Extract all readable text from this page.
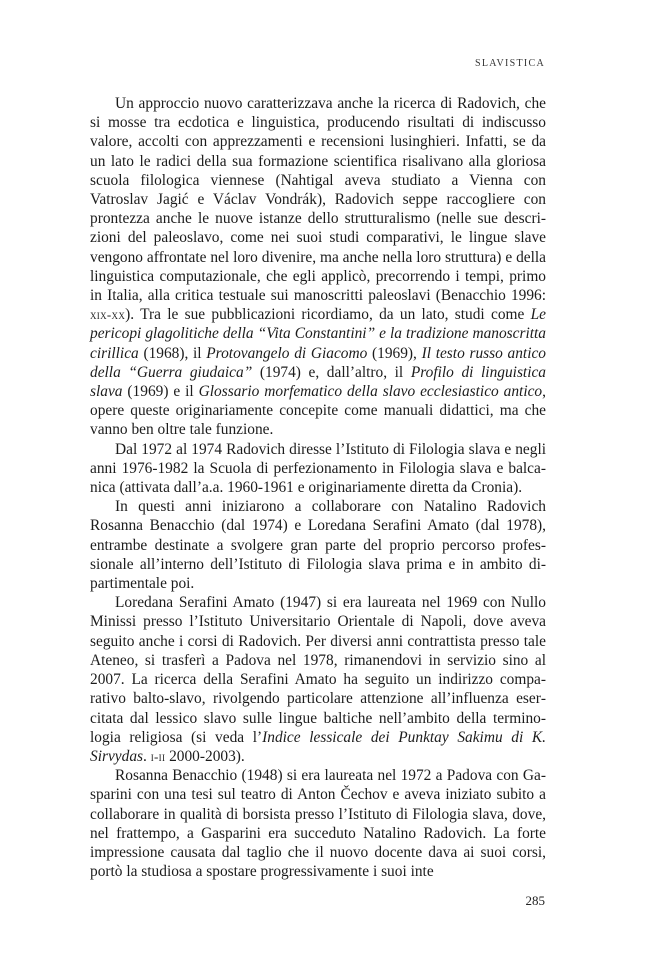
SLAVISTICA

Un approccio nuovo caratterizzava anche la ricerca di Radovich, che si mosse tra ecdotica e linguistica, producendo risultati di indiscusso valore, accolti con apprezzamenti e recensioni lusinghieri. Infatti, se da un lato le radici della sua formazione scientifica risalivano alla gloriosa scuola filologica viennese (Nahtigal aveva studiato a Vienna con Vatroslav Jagić e Václav Vondrák), Radovich seppe raccogliere con prontezza anche le nuove istanze dello strutturalismo (nelle sue descrizioni del paleoslavo, come nei suoi studi comparativi, le lingue slave vengono affrontate nel loro divenire, ma anche nella loro struttura) e della linguistica computazionale, che egli applicò, precorrendo i tempi, primo in Italia, alla critica testuale sui manoscritti paleoslavi (Benacchio 1996: xix-xx). Tra le sue pubblicazioni ricordiamo, da un lato, studi come Le pericopi glagolitiche della “Vita Constantini” e la tradizione manoscritta cirillica (1968), il Protovangelo di Giacomo (1969), Il testo russo antico della “Guerra giudaica” (1974) e, dall’altro, il Profilo di linguistica slava (1969) e il Glossario morfematico della slavo ecclesiastico antico, opere queste originariamente concepite come manuali didattici, ma che vanno ben oltre tale funzione.

Dal 1972 al 1974 Radovich diresse l’Istituto di Filologia slava e negli anni 1976-1982 la Scuola di perfezionamento in Filologia slava e balcanica (attivata dall’a.a. 1960-1961 e originariamente diretta da Cronia).

In questi anni iniziarono a collaborare con Natalino Radovich Rosanna Benacchio (dal 1974) e Loredana Serafini Amato (dal 1978), entrambe destinate a svolgere gran parte del proprio percorso professionale all’interno dell’Istituto di Filologia slava prima e in ambito dipartimentale poi.

Loredana Serafini Amato (1947) si era laureata nel 1969 con Nullo Minissi presso l’Istituto Universitario Orientale di Napoli, dove aveva seguito anche i corsi di Radovich. Per diversi anni contrattista presso tale Ateneo, si trasferì a Padova nel 1978, rimanendovi in servizio sino al 2007. La ricerca della Serafini Amato ha seguito un indirizzo comparativo balto-slavo, rivolgendo particolare attenzione all’influenza esercitata dal lessico slavo sulle lingue baltiche nell’ambito della terminologia religiosa (si veda l’Indice lessicale dei Punktay Sakimu di K. Sirvydas. i-ii 2000-2003).

Rosanna Benacchio (1948) si era laureata nel 1972 a Padova con Gasparini con una tesi sul teatro di Anton Čechov e aveva iniziato subito a collaborare in qualità di borsista presso l’Istituto di Filologia slava, dove, nel frattempo, a Gasparini era succeduto Natalino Radovich. La forte impressione causata dal taglio che il nuovo docente dava ai suoi corsi, portò la studiosa a spostare progressivamente i suoi inte

285
